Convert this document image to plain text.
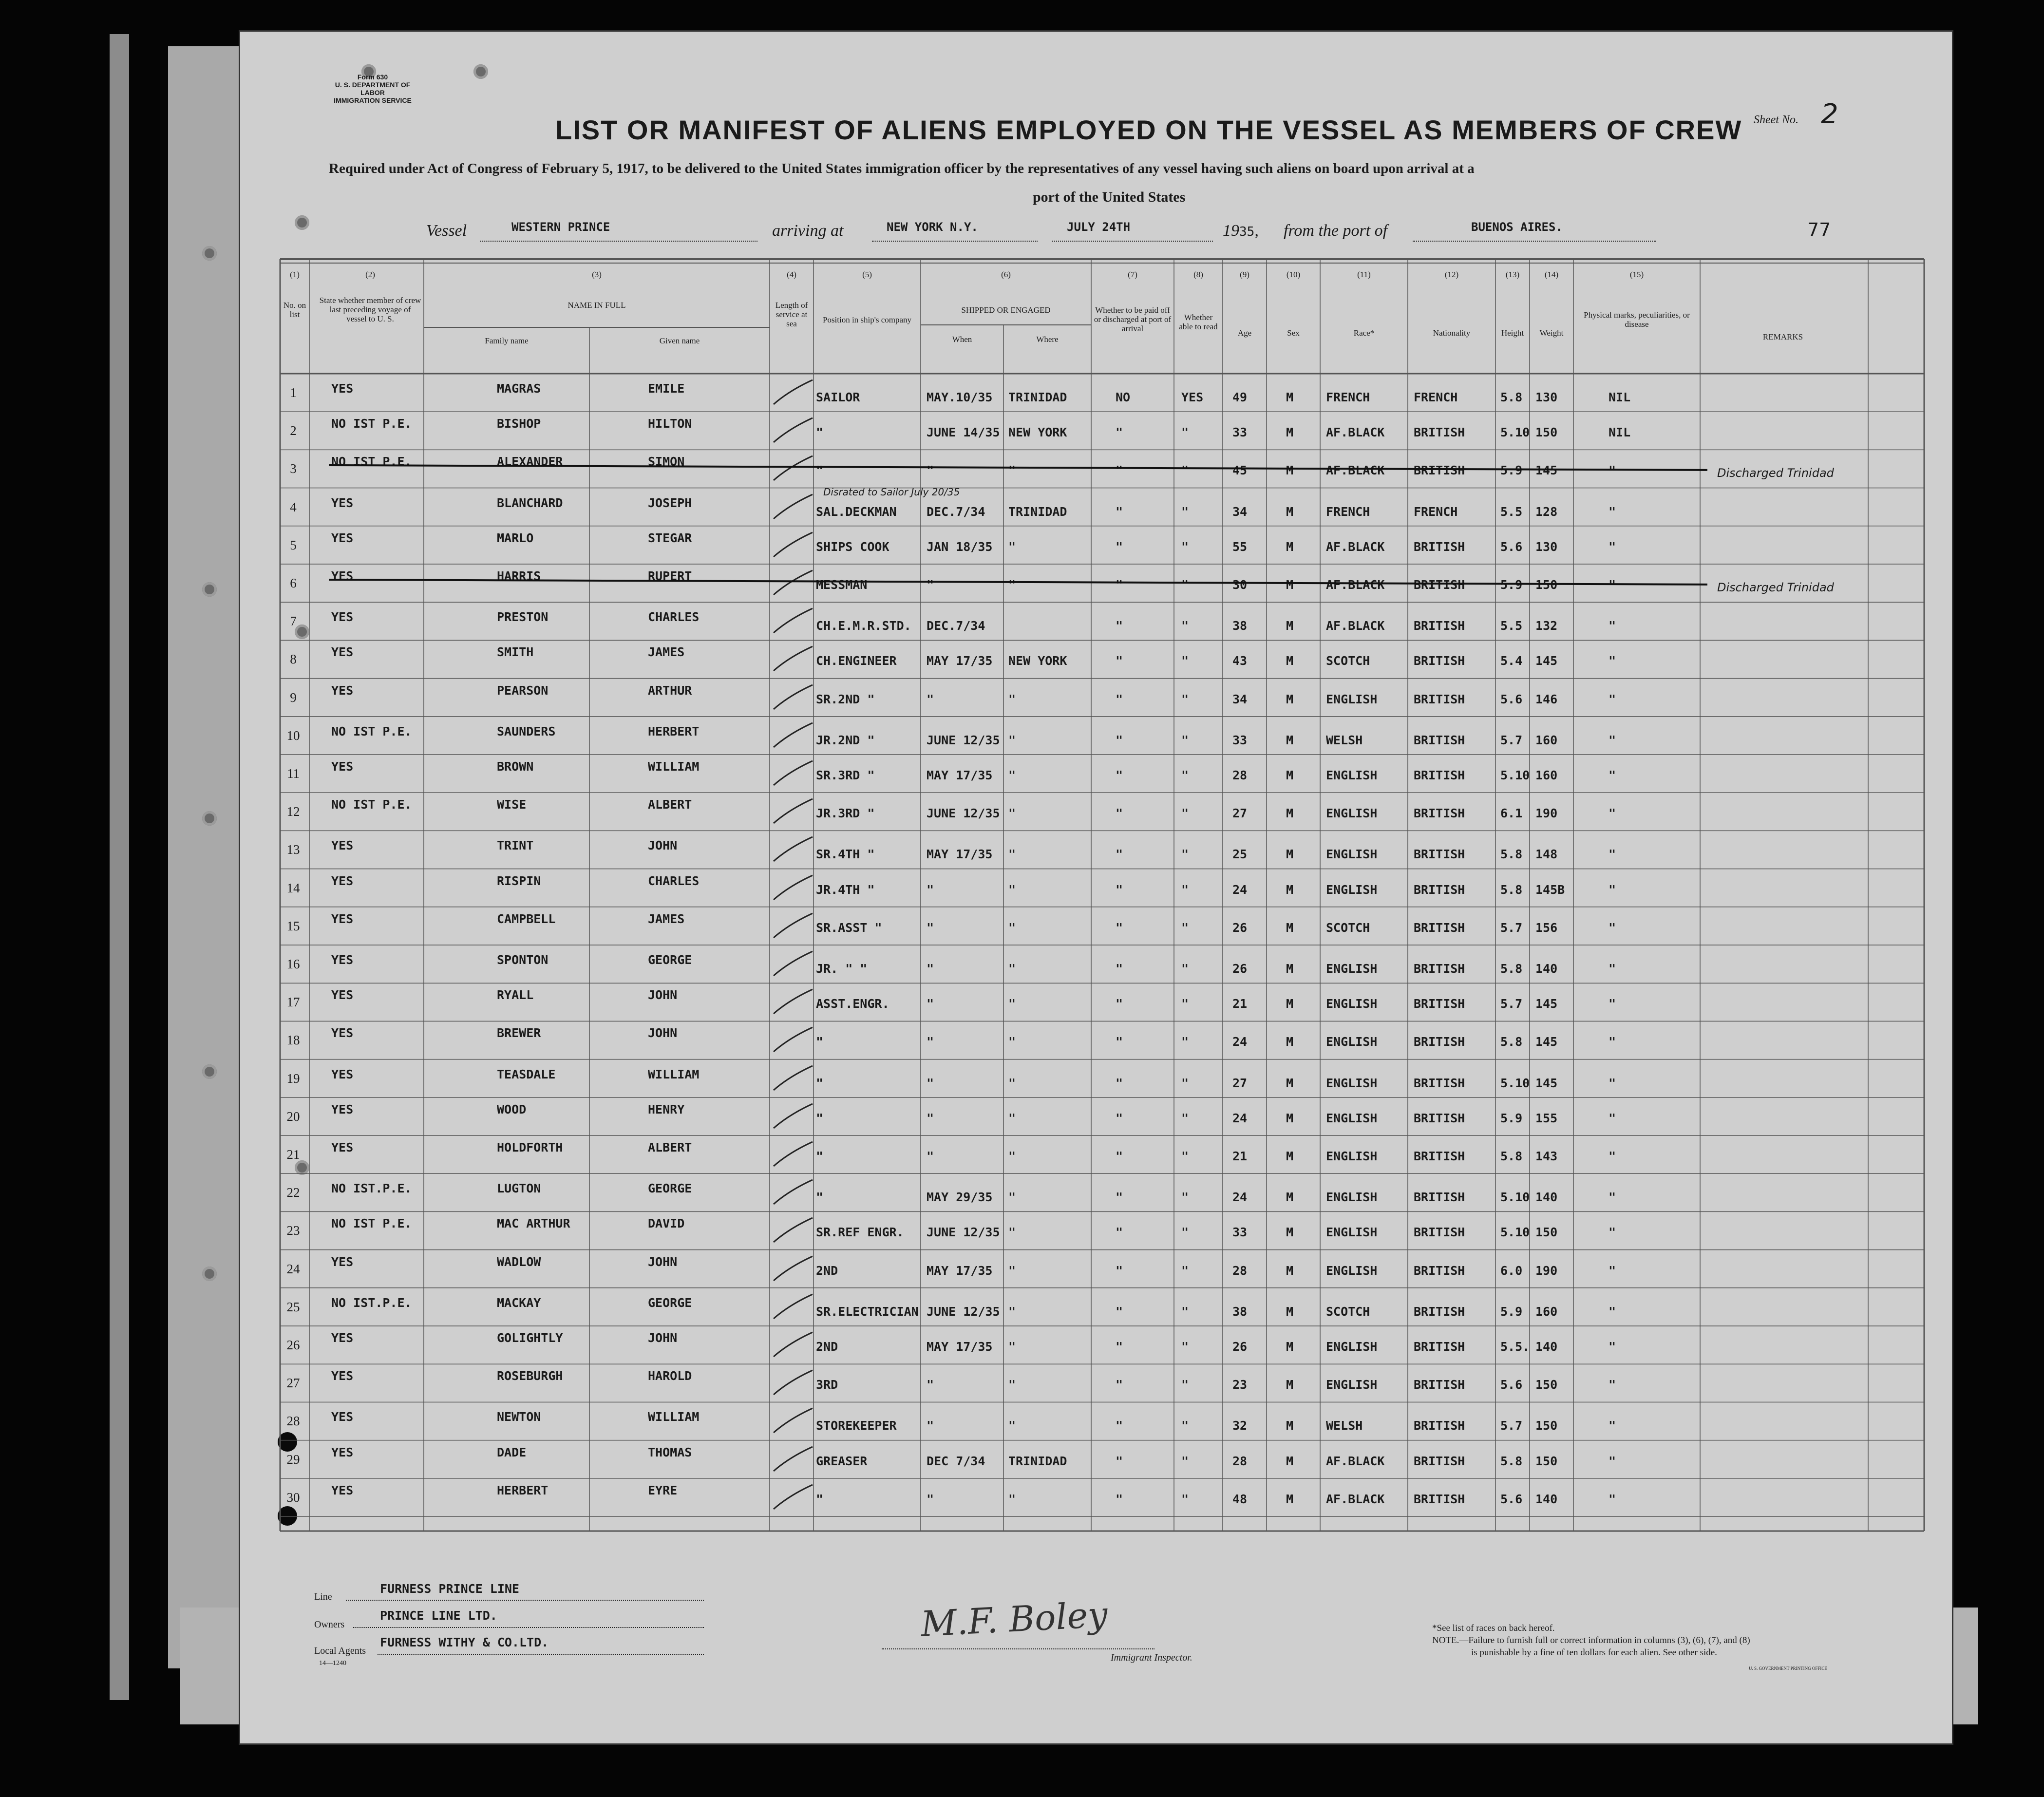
Form 630
U. S. DEPARTMENT OF LABOR
IMMIGRATION SERVICE
Sheet No. 2
LIST OR MANIFEST OF ALIENS EMPLOYED ON THE VESSEL AS MEMBERS OF CREW
Required under Act of Congress of February 5, 1917, to be delivered to the United States immigration officer by the representatives of any vessel having such aliens on board upon arrival at a
port of the United States
Vessel	WESTERN PRINCE	arriving at	NEW YORK N.Y.	JULY 24TH	1935, from the port of	BUENOS AIRES.	77
(1)
No. on list
(2)
State whether member of crew last preceding voyage of vessel to U. S.
(3)
NAME IN FULL
Family name	Given name
(4)
Length of service at sea
(5)
Position in ship's company
(6)
SHIPPED OR ENGAGED
When	Where
(7)
Whether to be paid off or discharged at port of arrival
(8)
Whether able to read
(9)
Age
(10)
Sex
(11)
Race*
(12)
Nationality
(13)
Height
(14)
Weight
(15)
Physical marks, peculiarities, or disease
REMARKS
1	YES	MAGRAS	EMILE
SAILOR	MAY.10/35 TRINIDAD	NO	YES 49	M	FRENCH	FRENCH	5.8 130	NIL
2	NO IST P.E.	BISHOP	HILTON
"	JUNE 14/35 NEW YORK	"	"	33	M	AF.BLACK BRITISH	5.10 150	NIL
3	NO IST P.E.	ALEXANDER	SIMON
"	"	"	"	"	45	M	AF.BLACK BRITISH	5.9 145	"	Discharged Trinidad
4	YES	BLANCHARD	JOSEPH
SAL.DECKMAN DEC.7/34 TRINIDAD	"	"	34	M	FRENCH	FRENCH	5.5 128	"
Disrated to Sailor July 20/35
5	YES	MARLO	STEGAR
SHIPS COOK	JAN 18/35 "	"	"	55	M	AF.BLACK BRITISH	5.6 130	"
6	YES	HARRIS	RUPERT
MESSMAN	"	"	"	"	30	M	AF.BLACK BRITISH	5.9 150	"	Discharged Trinidad
7	YES	PRESTON	CHARLES
CH.E.M.R.STD. DEC.7/34	"	"	38	M	AF.BLACK BRITISH	5.5 132	"
8	YES	SMITH	JAMES
CH.ENGINEER MAY 17/35 NEW YORK	"	"	43	M	SCOTCH	BRITISH	5.4 145	"
9	YES	PEARSON	ARTHUR
SR.2ND "	"	"	"	"	34	M	ENGLISH	BRITISH	5.6 146	"
10	NO IST P.E.	SAUNDERS	HERBERT
JR.2ND "	JUNE 12/35 "	"	"	33	M	WELSH	BRITISH	5.7 160	"
11	YES	BROWN	WILLIAM
SR.3RD "	MAY 17/35 "	"	"	28	M	ENGLISH	BRITISH	5.10 160	"
12	NO IST P.E.	WISE	ALBERT
JR.3RD "	JUNE 12/35 "	"	"	27	M	ENGLISH	BRITISH	6.1 190	"
13	YES	TRINT	JOHN
SR.4TH "	MAY 17/35 "	"	"	25	M	ENGLISH	BRITISH	5.8 148	"
14	YES	RISPIN	CHARLES
JR.4TH "	"	"	"	"	24	M	ENGLISH	BRITISH	5.8 145B	"
15	YES	CAMPBELL	JAMES
SR.ASST "	"	"	"	"	26	M	SCOTCH	BRITISH	5.7 156	"
16	YES	SPONTON	GEORGE
JR. " "	"	"	"	"	26	M	ENGLISH	BRITISH	5.8 140	"
17	YES	RYALL	JOHN
ASST.ENGR.	"	"	"	"	21	M	ENGLISH	BRITISH	5.7 145	"
18	YES	BREWER	JOHN
"	"	"	"	"	24	M	ENGLISH	BRITISH	5.8 145	"
19	YES	TEASDALE	WILLIAM
"	"	"	"	"	27	M	ENGLISH	BRITISH	5.10 145	"
20	YES	WOOD	HENRY
"	"	"	"	"	24	M	ENGLISH	BRITISH	5.9 155	"
21	YES	HOLDFORTH	ALBERT
"	"	"	"	"	21	M	ENGLISH	BRITISH	5.8 143	"
22	NO IST.P.E.	LUGTON	GEORGE
"	MAY 29/35 "	"	"	24	M	ENGLISH	BRITISH	5.10 140	"
23	NO IST P.E.	MAC ARTHUR	DAVID
SR.REF ENGR. JUNE 12/35 "	"	"	33	M	ENGLISH	BRITISH	5.10 150	"
24	YES	WADLOW	JOHN
2ND	MAY 17/35 "	"	"	28	M	ENGLISH	BRITISH	6.0 190	"
25	NO IST.P.E.	MACKAY	GEORGE
SR.ELECTRICIAN JUNE 12/35 "	"	"	38	M	SCOTCH	BRITISH	5.9 160	"
26	YES	GOLIGHTLY	JOHN
2ND	MAY 17/35 "	"	"	26	M	ENGLISH	BRITISH	5.5. 140	"
27	YES	ROSEBURGH	HAROLD
3RD	"	"	"	"	23	M	ENGLISH	BRITISH	5.6 150	"
28	YES	NEWTON	WILLIAM
STOREKEEPER "	"	"	"	32	M	WELSH	BRITISH	5.7 150	"
29	YES	DADE	THOMAS
GREASER	DEC 7/34 TRINIDAD	"	"	28	M	AF.BLACK BRITISH	5.8 150	"
30	YES	HERBERT	EYRE
"	"	"	"	"	48	M	AF.BLACK BRITISH	5.6 140	"
Line
FURNESS PRINCE LINE
Owners
PRINCE LINE LTD.
Local Agents
FURNESS WITHY & CO.LTD.
14—1240
M.F. Boley
Immigrant Inspector.
*See list of races on back hereof.
NOTE.—Failure to furnish full or correct information in columns (3), (6), (7), and (8)
is punishable by a fine of ten dollars for each alien. See other side.
U. S. GOVERNMENT PRINTING OFFICE
